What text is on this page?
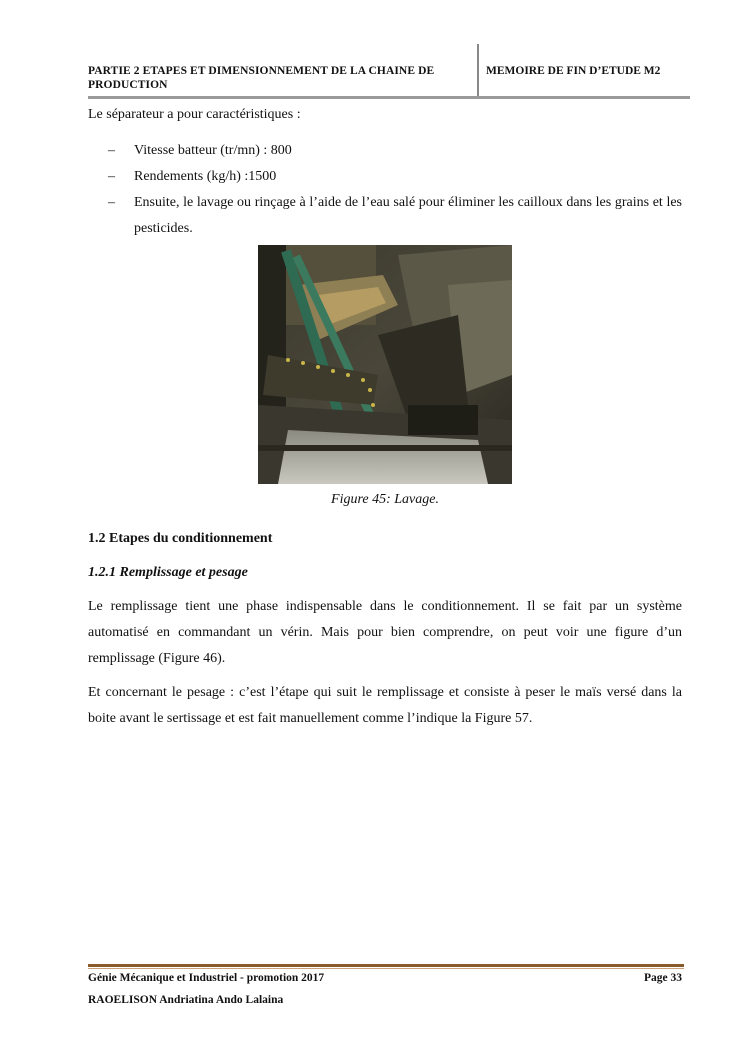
PARTIE 2 ETAPES ET DIMENSIONNEMENT DE LA CHAINE DE PRODUCTION
MEMOIRE DE FIN D’ETUDE M2

Le séparateur a pour caractéristiques :

– Vitesse batteur (tr/mn) : 800
– Rendements (kg/h) :1500
– Ensuite, le lavage ou rinçage à l’aide de l’eau salé pour éliminer les cailloux dans les grains et les pesticides.
Figure 45: Lavage.
1.2 Etapes du conditionnement
1.2.1 Remplissage et pesage

Le remplissage tient une phase indispensable dans le conditionnement. Il se fait par un système automatisé en commandant un vérin. Mais pour bien comprendre, on peut voir une figure d’un remplissage (Figure 46).

Et concernant le pesage : c’est l’étape qui suit le remplissage et consiste à peser le maïs versé dans la boite avant le sertissage et est fait manuellement comme l’indique la Figure 57.

Génie Mécanique et Industriel - promotion 2017	Page 33
RAOELISON Andriatina Ando Lalaina
